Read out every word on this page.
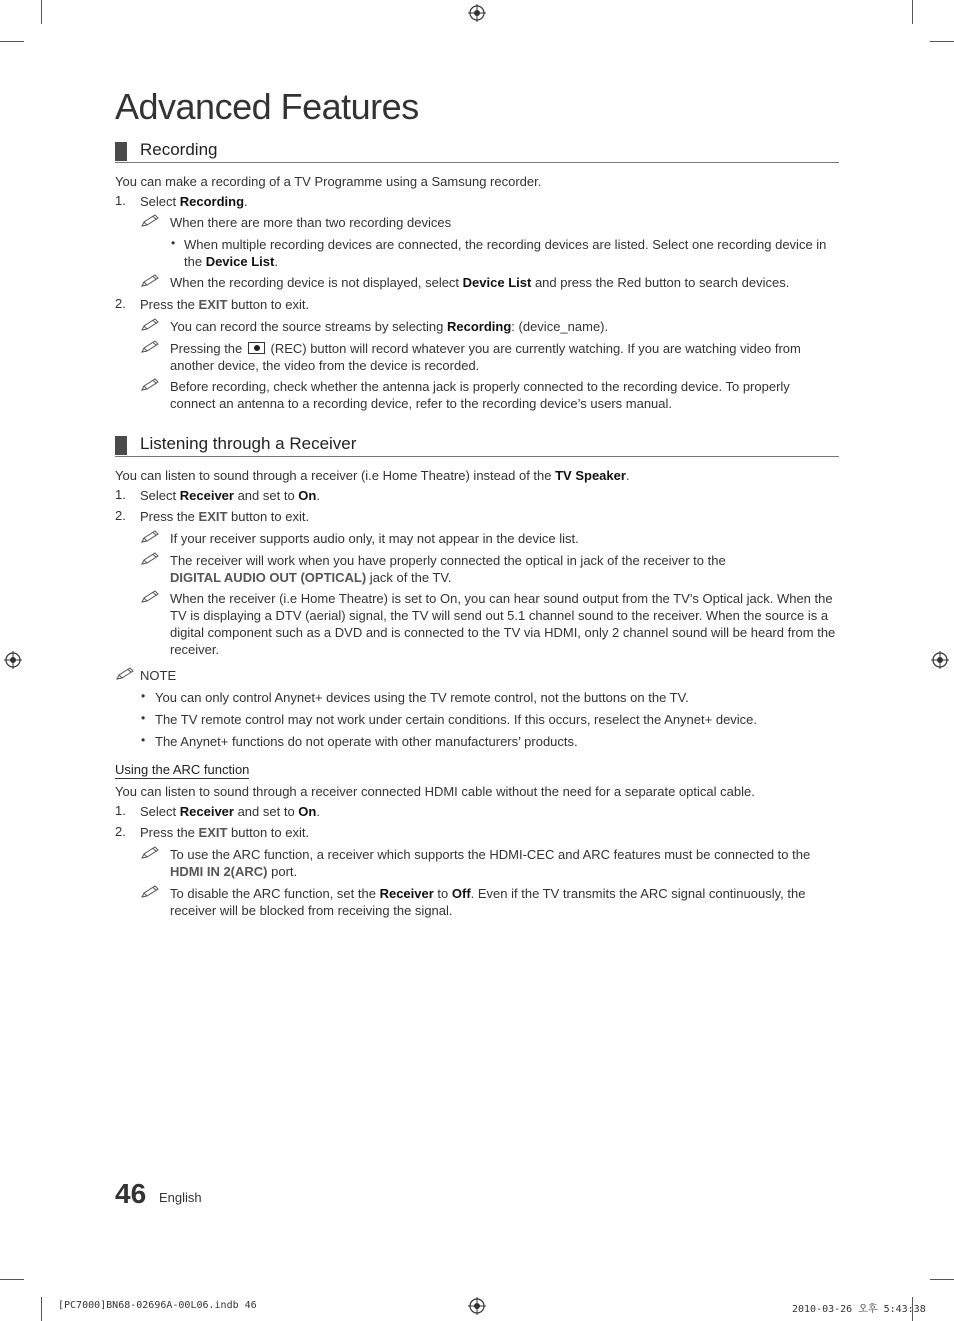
Advanced Features
Recording
You can make a recording of a TV Programme using a Samsung recorder.
1. Select Recording.
When there are more than two recording devices
• When multiple recording devices are connected, the recording devices are listed. Select one recording device in the Device List.
When the recording device is not displayed, select Device List and press the Red button to search devices.
2. Press the EXIT button to exit.
You can record the source streams by selecting Recording: (device_name).
Pressing the  (REC) button will record whatever you are currently watching. If you are watching video from another device, the video from the device is recorded.
Before recording, check whether the antenna jack is properly connected to the recording device. To properly connect an antenna to a recording device, refer to the recording device’s users manual.
Listening through a Receiver
You can listen to sound through a receiver (i.e Home Theatre) instead of the TV Speaker.
1. Select Receiver and set to On.
2. Press the EXIT button to exit.
If your receiver supports audio only, it may not appear in the device list.
The receiver will work when you have properly connected the optical in jack of the receiver to the
DIGITAL AUDIO OUT (OPTICAL) jack of the TV.
When the receiver (i.e Home Theatre) is set to On, you can hear sound output from the TV’s Optical jack. When the TV is displaying a DTV (aerial) signal, the TV will send out 5.1 channel sound to the receiver. When the source is a digital component such as a DVD and is connected to the TV via HDMI, only 2 channel sound will be heard from the receiver.
NOTE
• You can only control Anynet+ devices using the TV remote control, not the buttons on the TV.
• The TV remote control may not work under certain conditions. If this occurs, reselect the Anynet+ device.
• The Anynet+ functions do not operate with other manufacturers’ products.
Using the ARC function
You can listen to sound through a receiver connected HDMI cable without the need for a separate optical cable.
1. Select Receiver and set to On.
2. Press the EXIT button to exit.
To use the ARC function, a receiver which supports the HDMI-CEC and ARC features must be connected to the
HDMI IN 2(ARC) port.
To disable the ARC function, set the Receiver to Off. Even if the TV transmits the ARC signal continuously, the receiver will be blocked from receiving the signal.
46 English
[PC7000]BN68-02696A-00L06.indb 46	2010-03-26 오후 5:43:38
